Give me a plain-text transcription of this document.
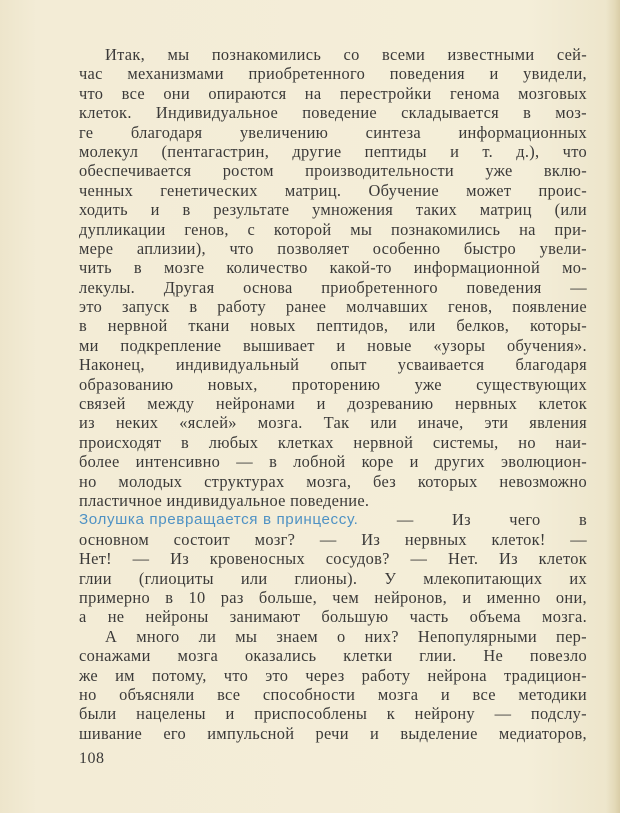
Итак, мы познакомились со всеми известными сей-
час механизмами приобретенного поведения и увидели,
что все они опираются на перестройки генома мозговых
клеток. Индивидуальное поведение складывается в моз-
ге благодаря увеличению синтеза информационных
молекул (пентагастрин, другие пептиды и т. д.), что
обеспечивается ростом производительности уже вклю-
ченных генетических матриц. Обучение может проис-
ходить и в результате умножения таких матриц (или
дупликации генов, с которой мы познакомились на при-
мере аплизии), что позволяет особенно быстро увели-
чить в мозге количество какой-то информационной мо-
лекулы. Другая основа приобретенного поведения —
это запуск в работу ранее молчавших генов, появление
в нервной ткани новых пептидов, или белков, которы-
ми подкрепление вышивает и новые «узоры обучения».
Наконец, индивидуальный опыт усваивается благодаря
образованию новых, проторению уже существующих
связей между нейронами и дозреванию нервных клеток
из неких «яслей» мозга. Так или иначе, эти явления
происходят в любых клетках нервной системы, но наи-
более интенсивно — в лобной коре и других эволюцион-
но молодых структурах мозга, без которых невозможно
пластичное индивидуальное поведение.
Золушка превращается в принцессу. — Из чего в
основном состоит мозг? — Из нервных клеток! —
Нет! — Из кровеносных сосудов? — Нет. Из клеток
глии (глиоциты или глионы). У млекопитающих их
примерно в 10 раз больше, чем нейронов, и именно они,
а не нейроны занимают большую часть объема мозга.
А много ли мы знаем о них? Непопулярными пер-
сонажами мозга оказались клетки глии. Не повезло
же им потому, что это через работу нейрона традицион-
но объясняли все способности мозга и все методики
были нацелены и приспособлены к нейрону — подслу-
шивание его импульсной речи и выделение медиаторов,
108
